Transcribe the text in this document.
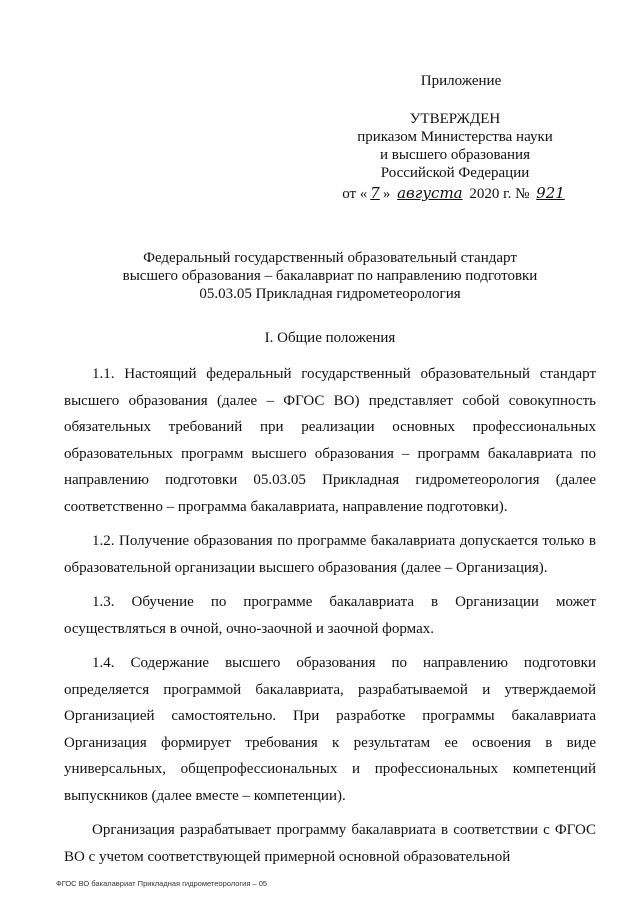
Приложение
УТВЕРЖДЕН
приказом Министерства науки
и высшего образования
Российской Федерации
от « 7 » августа 2020 г. № 921
Федеральный государственный образовательный стандарт
высшего образования – бакалавриат по направлению подготовки
05.03.05 Прикладная гидрометеорология
I. Общие положения

1.1. Настоящий федеральный государственный образовательный стандарт высшего образования (далее – ФГОС ВО) представляет собой совокупность обязательных требований при реализации основных профессиональных образовательных программ высшего образования – программ бакалавриата по направлению подготовки 05.03.05 Прикладная гидрометеорология (далее соответственно – программа бакалавриата, направление подготовки).

1.2. Получение образования по программе бакалавриата допускается только в образовательной организации высшего образования (далее – Организация).

1.3. Обучение по программе бакалавриата в Организации может осуществляться в очной, очно-заочной и заочной формах.

1.4. Содержание высшего образования по направлению подготовки определяется программой бакалавриата, разрабатываемой и утверждаемой Организацией самостоятельно. При разработке программы бакалавриата Организация формирует требования к результатам ее освоения в виде универсальных, общепрофессиональных и профессиональных компетенций выпускников (далее вместе – компетенции).

Организация разрабатывает программу бакалавриата в соответствии с ФГОС ВО с учетом соответствующей примерной основной образовательной

ФГОС ВО бакалавриат Прикладная гидрометеорология – 05
